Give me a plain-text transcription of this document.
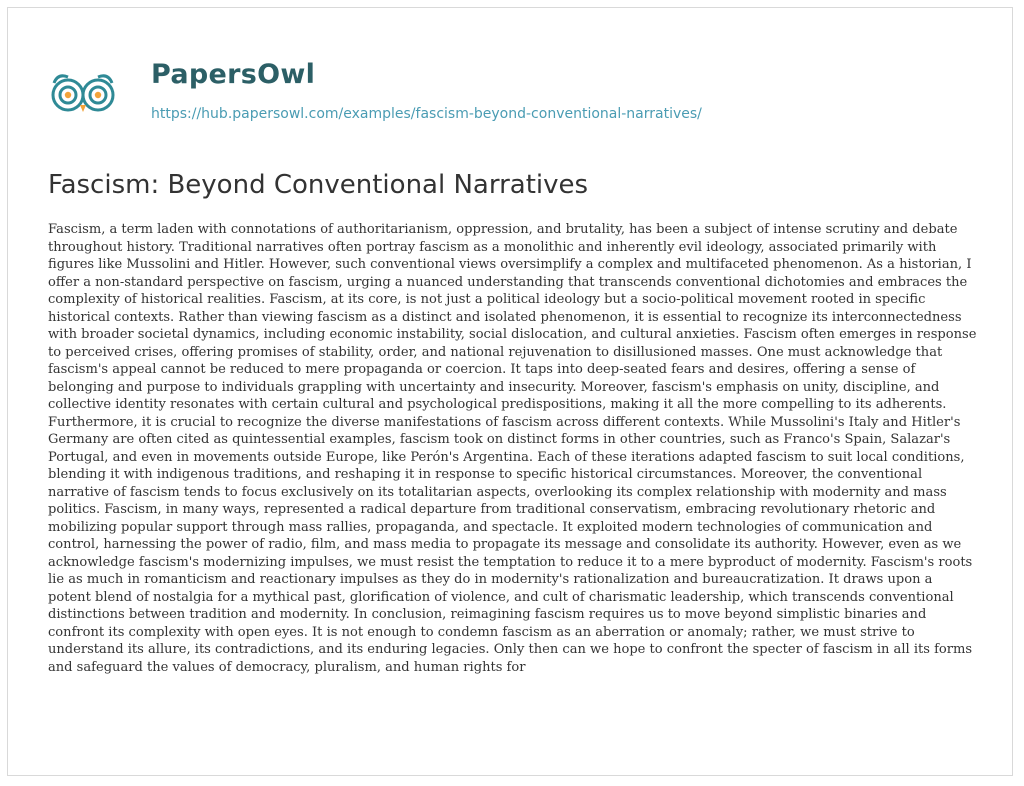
PapersOwl
https://hub.papersowl.com/examples/fascism-beyond-conventional-narratives/
Fascism: Beyond Conventional Narratives

Fascism, a term laden with connotations of authoritarianism, oppression, and brutality, has been a subject of intense scrutiny and debate throughout history. Traditional narratives often portray fascism as a monolithic and inherently evil ideology, associated primarily with figures like Mussolini and Hitler. However, such conventional views oversimplify a complex and multifaceted phenomenon. As a historian, I offer a non-standard perspective on fascism, urging a nuanced understanding that transcends conventional dichotomies and embraces the complexity of historical realities. Fascism, at its core, is not just a political ideology but a socio-political movement rooted in specific historical contexts. Rather than viewing fascism as a distinct and isolated phenomenon, it is essential to recognize its interconnectedness with broader societal dynamics, including economic instability, social dislocation, and cultural anxieties. Fascism often emerges in response to perceived crises, offering promises of stability, order, and national rejuvenation to disillusioned masses. One must acknowledge that fascism's appeal cannot be reduced to mere propaganda or coercion. It taps into deep-seated fears and desires, offering a sense of belonging and purpose to individuals grappling with uncertainty and insecurity. Moreover, fascism's emphasis on unity, discipline, and collective identity resonates with certain cultural and psychological predispositions, making it all the more compelling to its adherents. Furthermore, it is crucial to recognize the diverse manifestations of fascism across different contexts. While Mussolini's Italy and Hitler's Germany are often cited as quintessential examples, fascism took on distinct forms in other countries, such as Franco's Spain, Salazar's Portugal, and even in movements outside Europe, like Perón's Argentina. Each of these iterations adapted fascism to suit local conditions, blending it with indigenous traditions, and reshaping it in response to specific historical circumstances. Moreover, the conventional narrative of fascism tends to focus exclusively on its totalitarian aspects, overlooking its complex relationship with modernity and mass politics. Fascism, in many ways, represented a radical departure from traditional conservatism, embracing revolutionary rhetoric and mobilizing popular support through mass rallies, propaganda, and spectacle. It exploited modern technologies of communication and control, harnessing the power of radio, film, and mass media to propagate its message and consolidate its authority. However, even as we acknowledge fascism's modernizing impulses, we must resist the temptation to reduce it to a mere byproduct of modernity. Fascism's roots lie as much in romanticism and reactionary impulses as they do in modernity's rationalization and bureaucratization. It draws upon a potent blend of nostalgia for a mythical past, glorification of violence, and cult of charismatic leadership, which transcends conventional distinctions between tradition and modernity. In conclusion, reimagining fascism requires us to move beyond simplistic binaries and confront its complexity with open eyes. It is not enough to condemn fascism as an aberration or anomaly; rather, we must strive to understand its allure, its contradictions, and its enduring legacies. Only then can we hope to confront the specter of fascism in all its forms and safeguard the values of democracy, pluralism, and human rights for
